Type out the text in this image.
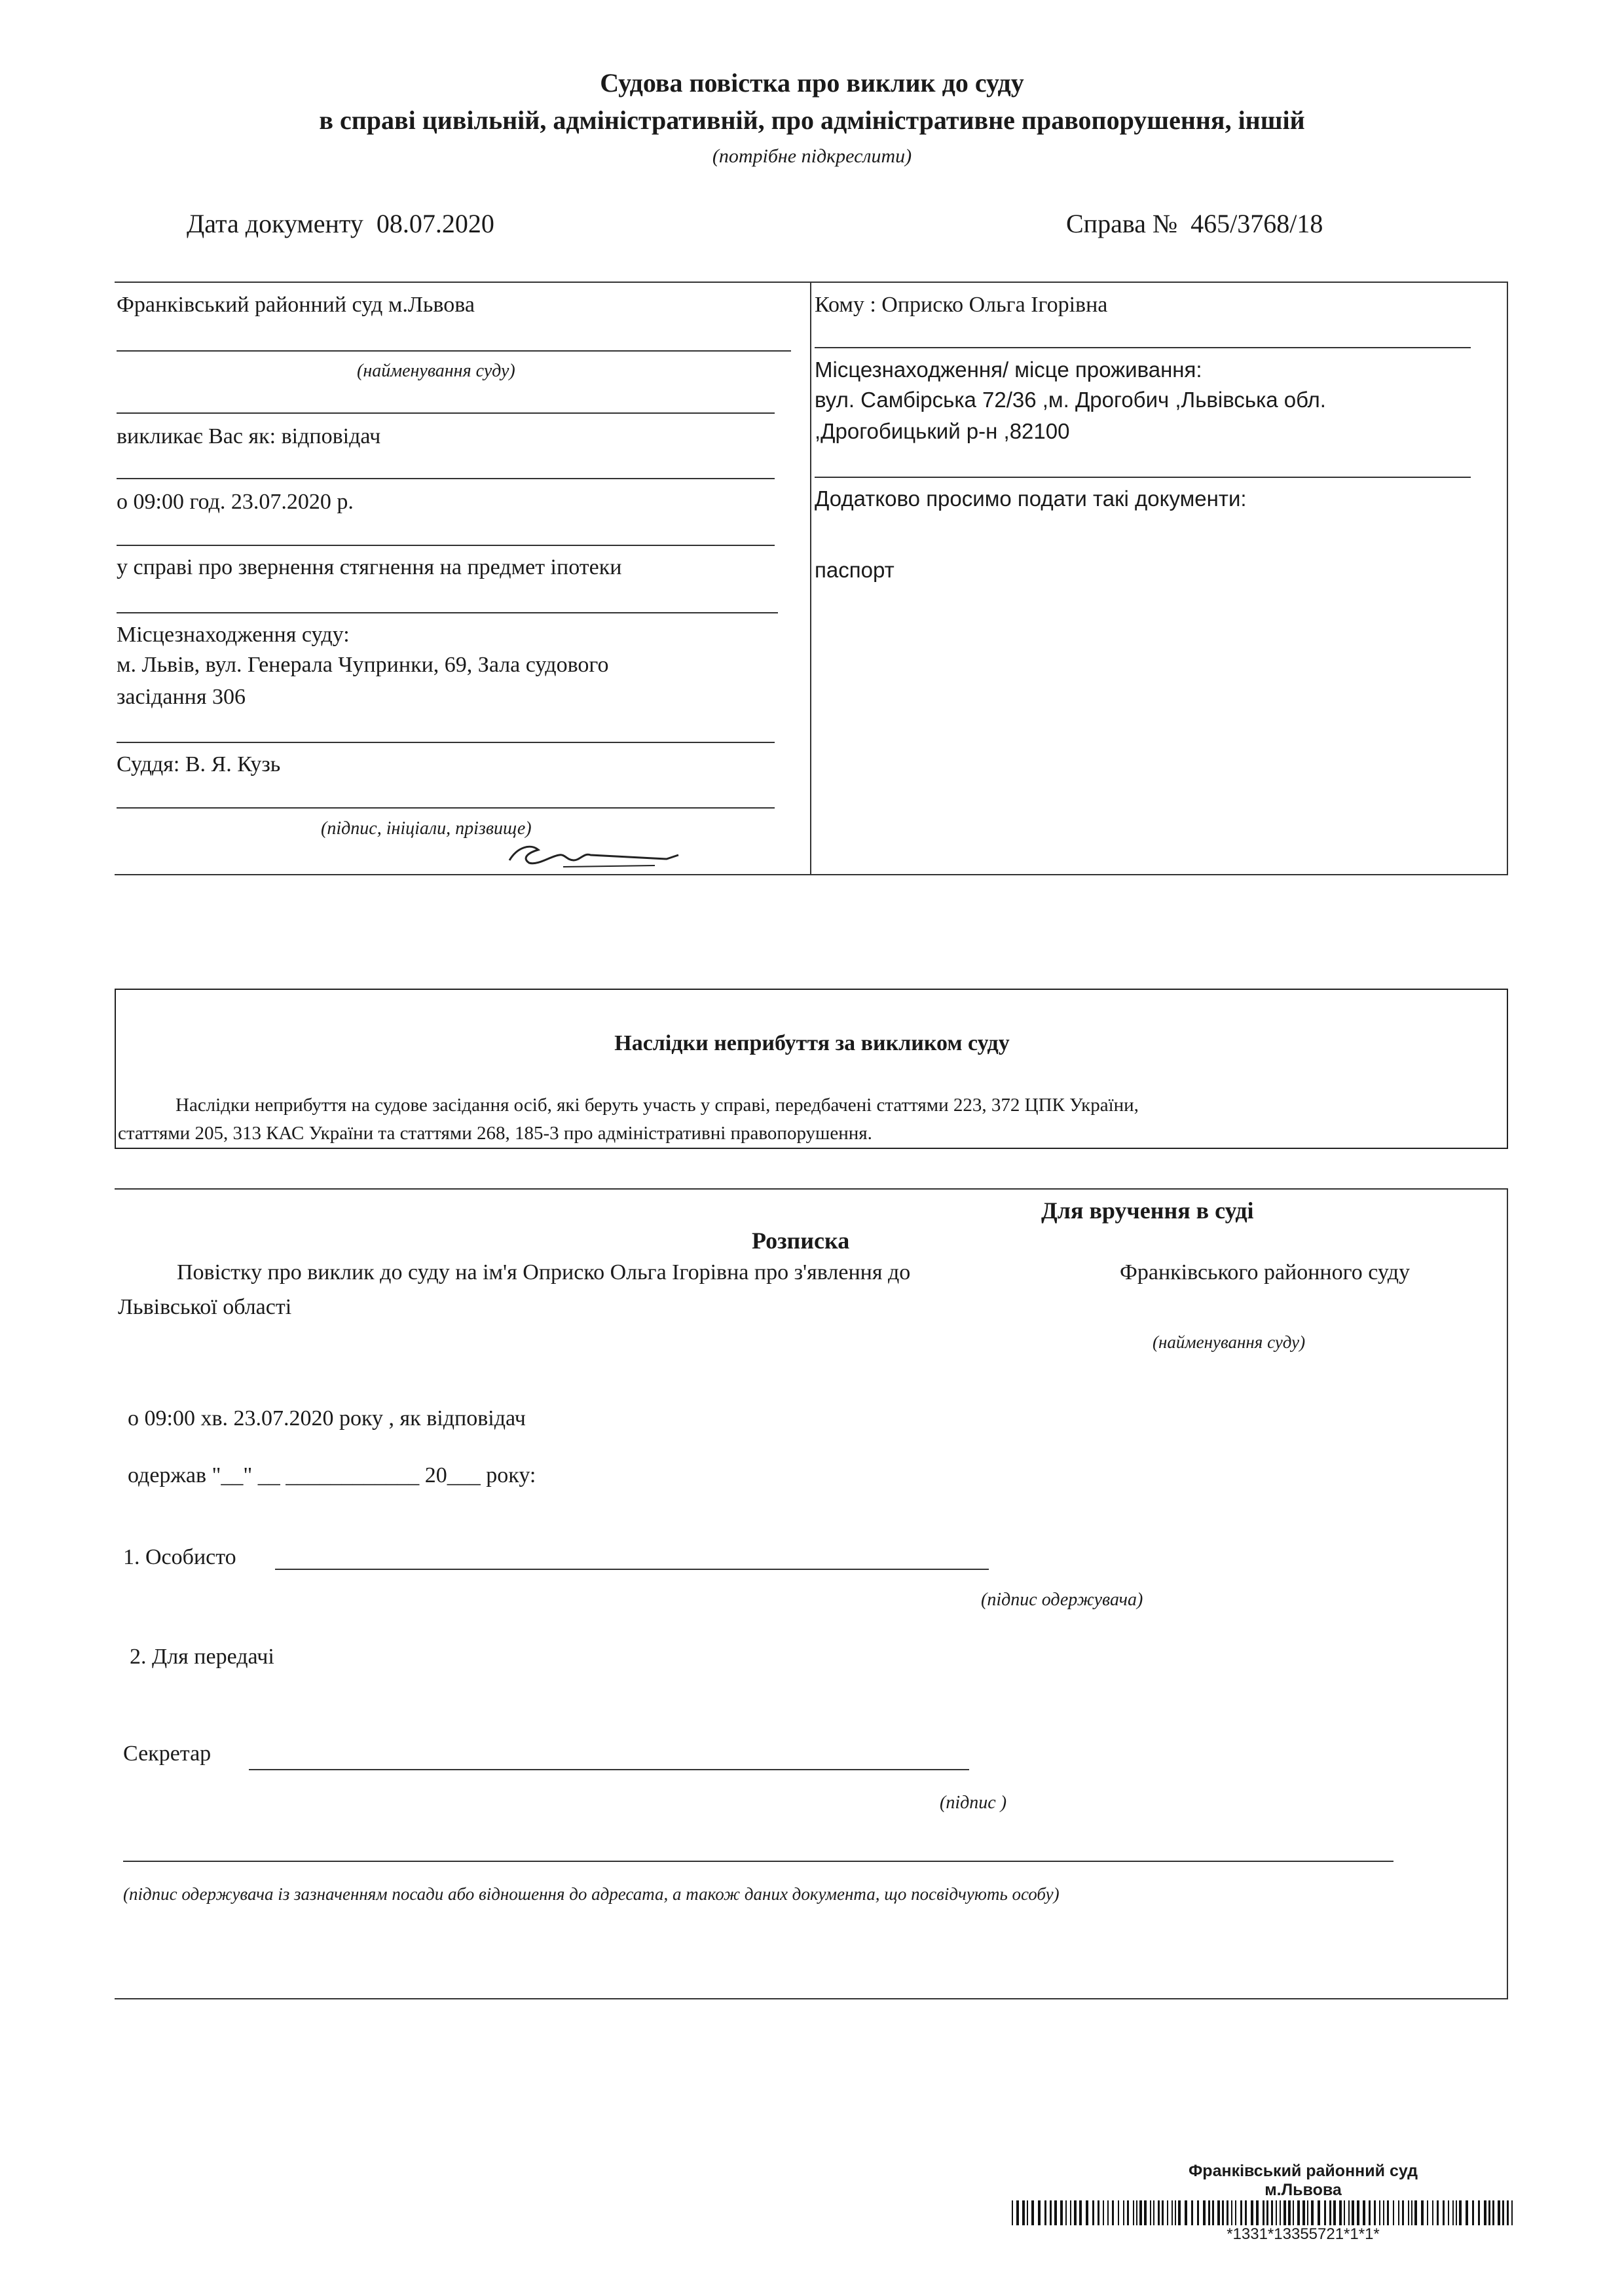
Судова повістка про виклик до суду
в справі цивільній, адміністративній, про адміністративне правопорушення, іншій
(потрібне підкреслити)
Дата документу 08.07.2020	Справа № 465/3768/18
Франківський районний суд м.Львова
(найменування суду)
викликає Вас як: відповідач
о 09:00 год. 23.07.2020 р.
у справі про звернення стягнення на предмет іпотеки
Місцезнаходження суду:
м. Львів, вул. Генерала Чупринки, 69, Зала судового
засідання 306
Суддя: В. Я. Кузь
(підпис, ініціали, прізвище)
Кому : Оприско Ольга Ігорівна
Місцезнаходження/ місце проживання:
вул. Самбірська 72/36 ,м. Дрогобич ,Львівська обл.
,Дрогобицький р-н ,82100
Додатково просимо подати такі документи:
паспорт
Наслідки неприбуття за викликом суду
Наслідки неприбуття на судове засідання осіб, які беруть участь у справі, передбачені статтями 223, 372 ЦПК України,
статтями 205, 313 КАС України та статтями 268, 185-3 про адміністративні правопорушення.
Для вручення в суді
Розписка
Повістку про виклик до суду на ім'я Оприско Ольга Ігорівна про з'явлення до	Франківського районного суду
Львівської області
(найменування суду)
о 09:00 хв. 23.07.2020 року , як відповідач
одержав "__" __ ____________ 20___ року:
1. Особисто
(підпис одержувача)
2. Для передачі
Секретар
(підпис )
(підпис одержувача із зазначенням посади або відношення до адресата, а також даних документа, що посвідчують особу)
Франківський районний суд
м.Львова
*1331*13355721*1*1*
